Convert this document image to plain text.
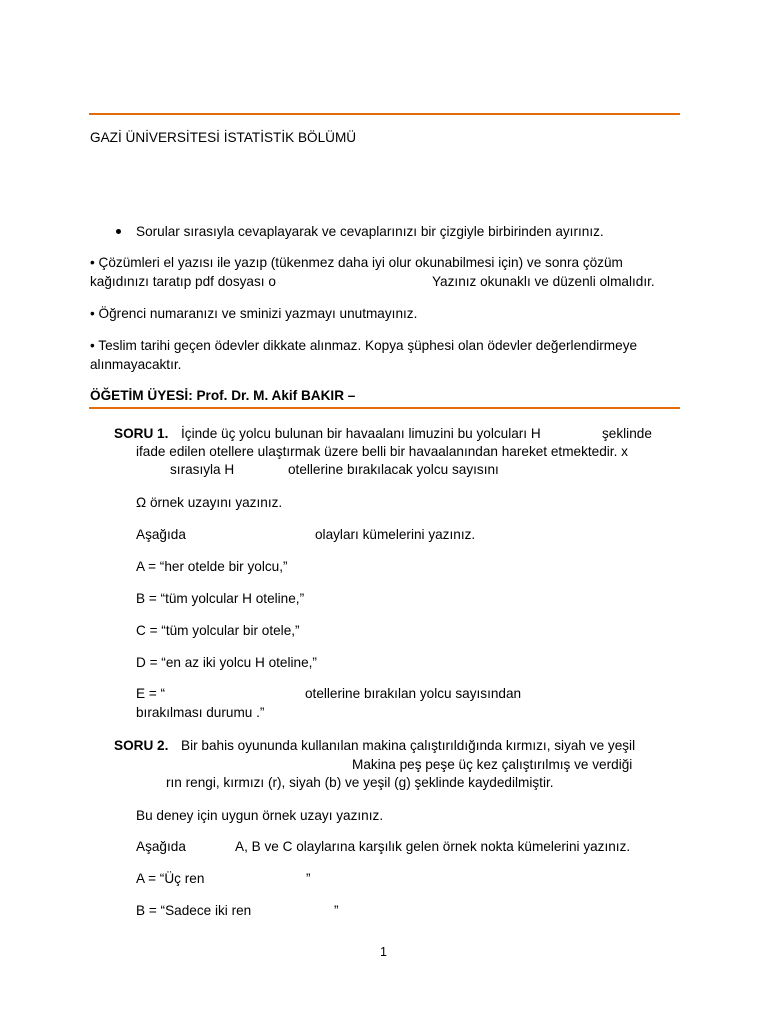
GAZİ ÜNİVERSİTESİ İSTATİSTİK BÖLÜMÜ
Sorular sırasıyla cevaplayarak ve cevaplarınızı bir çizgiyle birbirinden ayırınız.
• Çözümleri el yazısı ile yazıp (tükenmez daha iyi olur okunabilmesi için) ve sonra çözüm
kağıdınızı taratıp pdf dosyası o	Yazınız okunaklı ve düzenli olmalıdır.
• Öğrenci numaranızı ve sminizi yazmayı unutmayınız.
• Teslim tarihi geçen ödevler dikkate alınmaz. Kopya şüphesi olan ödevler değerlendirmeye
alınmayacaktır.
ÖĞETİM ÜYESİ: Prof. Dr. M. Akif BAKIR –
SORU 1. İçinde üç yolcu bulunan bir havaalanı limuzini bu yolcuları H	şeklinde
ifade edilen otellere ulaştırmak üzere belli bir havaalanından hareket etmektedir. x
sırasıyla H	otellerine bırakılacak yolcu sayısını
Ω örnek uzayını yazınız.
Aşağıda	olayları kümelerini yazınız.
A = “her otelde bir yolcu,”
B = “tüm yolcular H oteline,”
C = “tüm yolcular bir otele,”
D = “en az iki yolcu H oteline,”
E = “	otellerine bırakılan yolcu sayısından
bırakılması durumu .”
SORU 2. Bir bahis oyununda kullanılan makina çalıştırıldığında kırmızı, siyah ve yeşil
Makina peş peşe üç kez çalıştırılmış ve verdiği
rın rengi, kırmızı (r), siyah (b) ve yeşil (g) şeklinde kaydedilmiştir.
Bu deney için uygun örnek uzayı yazınız.
Aşağıda	A, B ve C olaylarına karşılık gelen örnek nokta kümelerini yazınız.
A = “Üç ren	”
B = “Sadece iki ren	”
1
